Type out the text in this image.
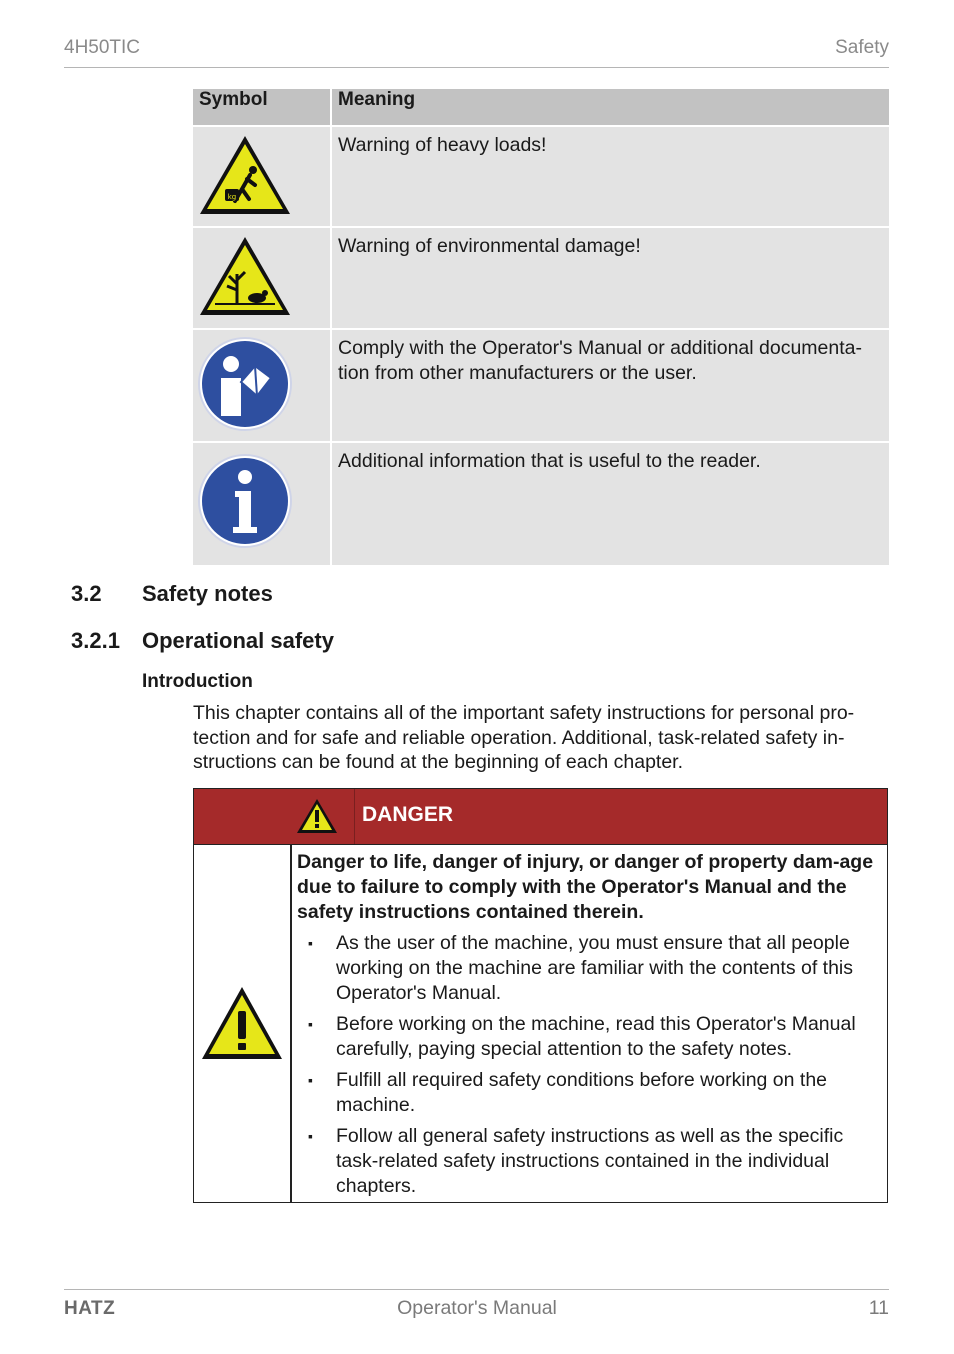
4H50TIC	Safety
Symbol	Meaning

kg	Warning of heavy loads!

	Warning of environmental damage!

	Comply with the Operator's Manual or additional documenta-tion from other manufacturers or the user.

	Additional information that is useful to the reader.
3.2 Safety notes
3.2.1 Operational safety
Introduction
This chapter contains all of the important safety instructions for personal pro-tection and for safe and reliable operation. Additional, task-related safety in-structions can be found at the beginning of each chapter.
DANGER

Danger to life, danger of injury, or danger of property dam-age due to failure to comply with the Operator's Manual and the safety instructions contained therein.

▪ As the user of the machine, you must ensure that all people working on the machine are familiar with the contents of this Operator's Manual.
▪ Before working on the machine, read this Operator's Manual carefully, paying special attention to the safety notes.
▪ Fulfill all required safety conditions before working on the machine.
▪ Follow all general safety instructions as well as the specific task-related safety instructions contained in the individual chapters.
HATZ	Operator's Manual	11
